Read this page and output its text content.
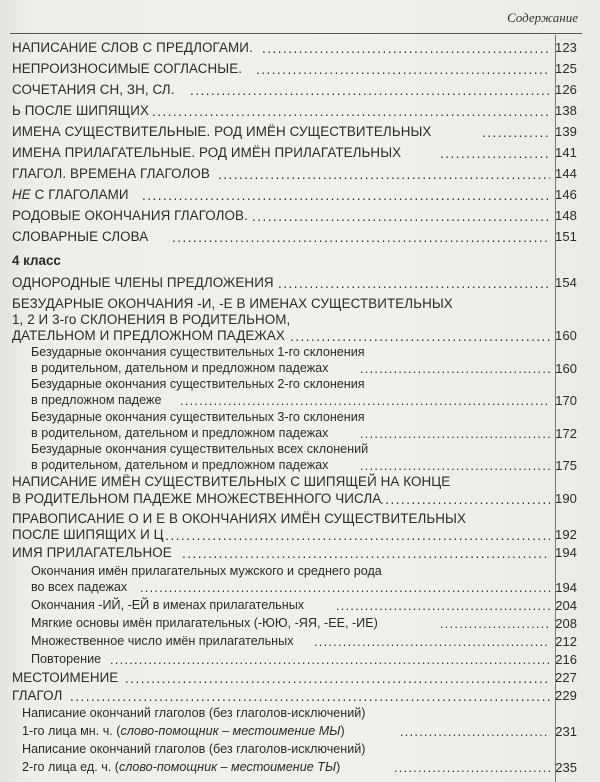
Содержание
НАПИСАНИЕ СЛОВ С ПРЕДЛОГАМИ. . . .	123
НЕПРОИЗНОСИМЫЕ СОГЛАСНЫЕ. . . .	125
СОЧЕТАНИЯ СН, ЗН, СЛ. . . .	126
Ь ПОСЛЕ ШИПЯЩИХ . . .	138
ИМЕНА СУЩЕСТВИТЕЛЬНЫЕ. РОД ИМЁН СУЩЕСТВИТЕЛЬНЫХ . . .	139
ИМЕНА ПРИЛАГАТЕЛЬНЫЕ. РОД ИМЁН ПРИЛАГАТЕЛЬНЫХ . . .	141
ГЛАГОЛ. ВРЕМЕНА ГЛАГОЛОВ . . .	144
НЕ С ГЛАГОЛАМИ . . .	146
РОДОВЫЕ ОКОНЧАНИЯ ГЛАГОЛОВ. . . .	148
СЛОВАРНЫЕ СЛОВА . . .	151
4 класс
ОДНОРОДНЫЕ ЧЛЕНЫ ПРЕДЛОЖЕНИЯ . . .	154
БЕЗУДАРНЫЕ ОКОНЧАНИЯ -И, -Е В ИМЕНАХ СУЩЕСТВИТЕЛЬНЫХ
1, 2 И 3-го СКЛОНЕНИЯ В РОДИТЕЛЬНОМ,
ДАТЕЛЬНОМ И ПРЕДЛОЖНОМ ПАДЕЖАХ . . .	160
Безударные окончания существительных 1-го склонения
в родительном, дательном и предложном падежах . . .	160
Безударные окончания существительных 2-го склонения
в предложном падеже . . .	170
Безударные окончания существительных 3-го склонения
в родительном, дательном и предложном падежах . . .	172
Безударные окончания существительных всех склонений
в родительном, дательном и предложном падежах . . .	175
НАПИСАНИЕ ИМЁН СУЩЕСТВИТЕЛЬНЫХ С ШИПЯЩЕЙ НА КОНЦЕ
В РОДИТЕЛЬНОМ ПАДЕЖЕ МНОЖЕСТВЕННОГО ЧИСЛА . . .	190
ПРАВОПИСАНИЕ О И Е В ОКОНЧАНИЯХ ИМЁН СУЩЕСТВИТЕЛЬНЫХ
ПОСЛЕ ШИПЯЩИХ И Ц . . .	192
ИМЯ ПРИЛАГАТЕЛЬНОЕ . . .	194
Окончания имён прилагательных мужского и среднего рода
во всех падежах . . .	194
Окончания -ИЙ, -ЕЙ в именах прилагательных . . .	204
Мягкие основы имён прилагательных (-ЮЮ, -ЯЯ, -ЕЕ, -ИЕ) . . .	208
Множественное число имён прилагательных . . .	212
Повторение . . .	216
МЕСТОИМЕНИЕ . . .	227
ГЛАГОЛ . . .	229
Написание окончаний глаголов (без глаголов-исключений)
1-го лица мн. ч. (слово-помощник – местоимение МЫ) . . .	231
Написание окончаний глаголов (без глаголов-исключений)
2-го лица ед. ч. (слово-помощник – местоимение ТЫ) . . .	235
